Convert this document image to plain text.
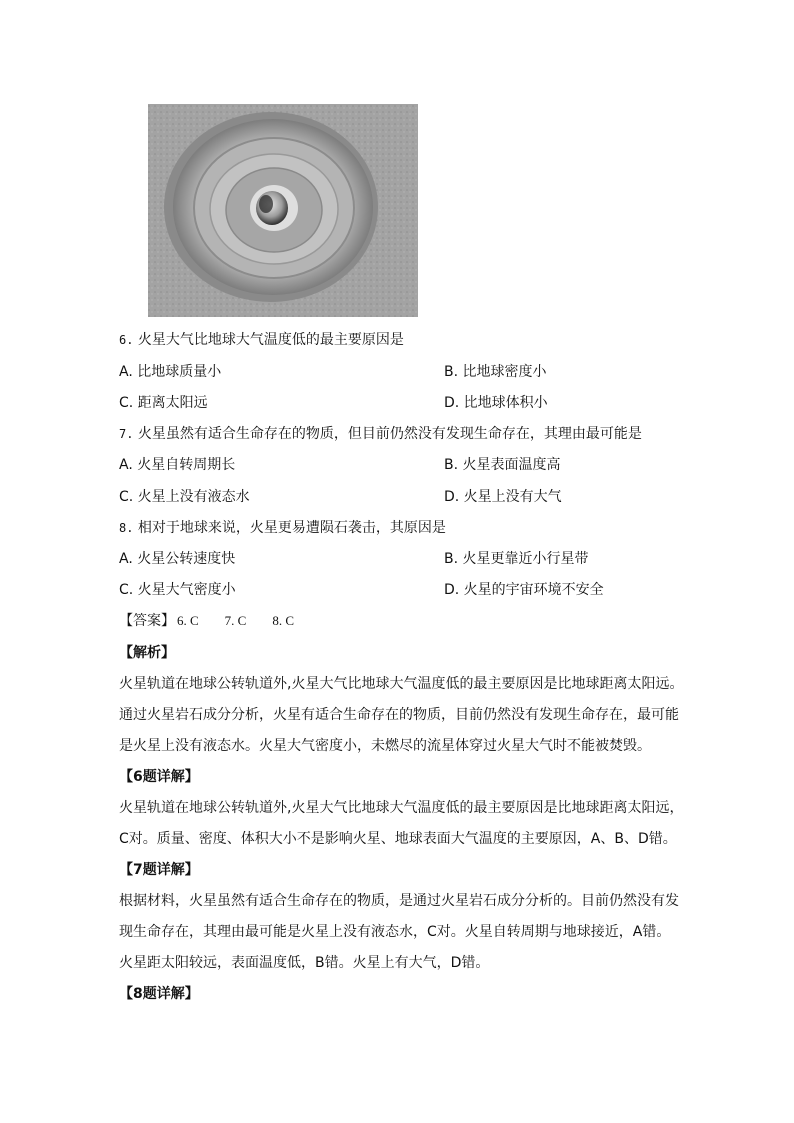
6. 火星大气比地球大气温度低的最主要原因是
A. 比地球质量小	B. 比地球密度小
C. 距离太阳远	D. 比地球体积小
7. 火星虽然有适合生命存在的物质，但目前仍然没有发现生命存在，其理由最可能是
A. 火星自转周期长	B. 火星表面温度高
C. 火星上没有液态水	D. 火星上没有大气
8. 相对于地球来说，火星更易遭陨石袭击，其原因是
A. 火星公转速度快	B. 火星更靠近小行星带
C. 火星大气密度小	D. 火星的宇宙环境不安全
【答案】 6. C 7. C 8. C
【解析】
火星轨道在地球公转轨道外,火星大气比地球大气温度低的最主要原因是比地球距离太阳远。
通过火星岩石成分分析，火星有适合生命存在的物质，目前仍然没有发现生命存在，最可能
是火星上没有液态水。火星大气密度小，未燃尽的流星体穿过火星大气时不能被焚毁。
【6题详解】
火星轨道在地球公转轨道外,火星大气比地球大气温度低的最主要原因是比地球距离太阳远，
C对。质量、密度、体积大小不是影响火星、地球表面大气温度的主要原因，A、B、D错。
【7题详解】
根据材料，火星虽然有适合生命存在的物质，是通过火星岩石成分分析的。目前仍然没有发
现生命存在，其理由最可能是火星上没有液态水，C对。火星自转周期与地球接近，A错。
火星距太阳较远，表面温度低，B错。火星上有大气，D错。
【8题详解】
